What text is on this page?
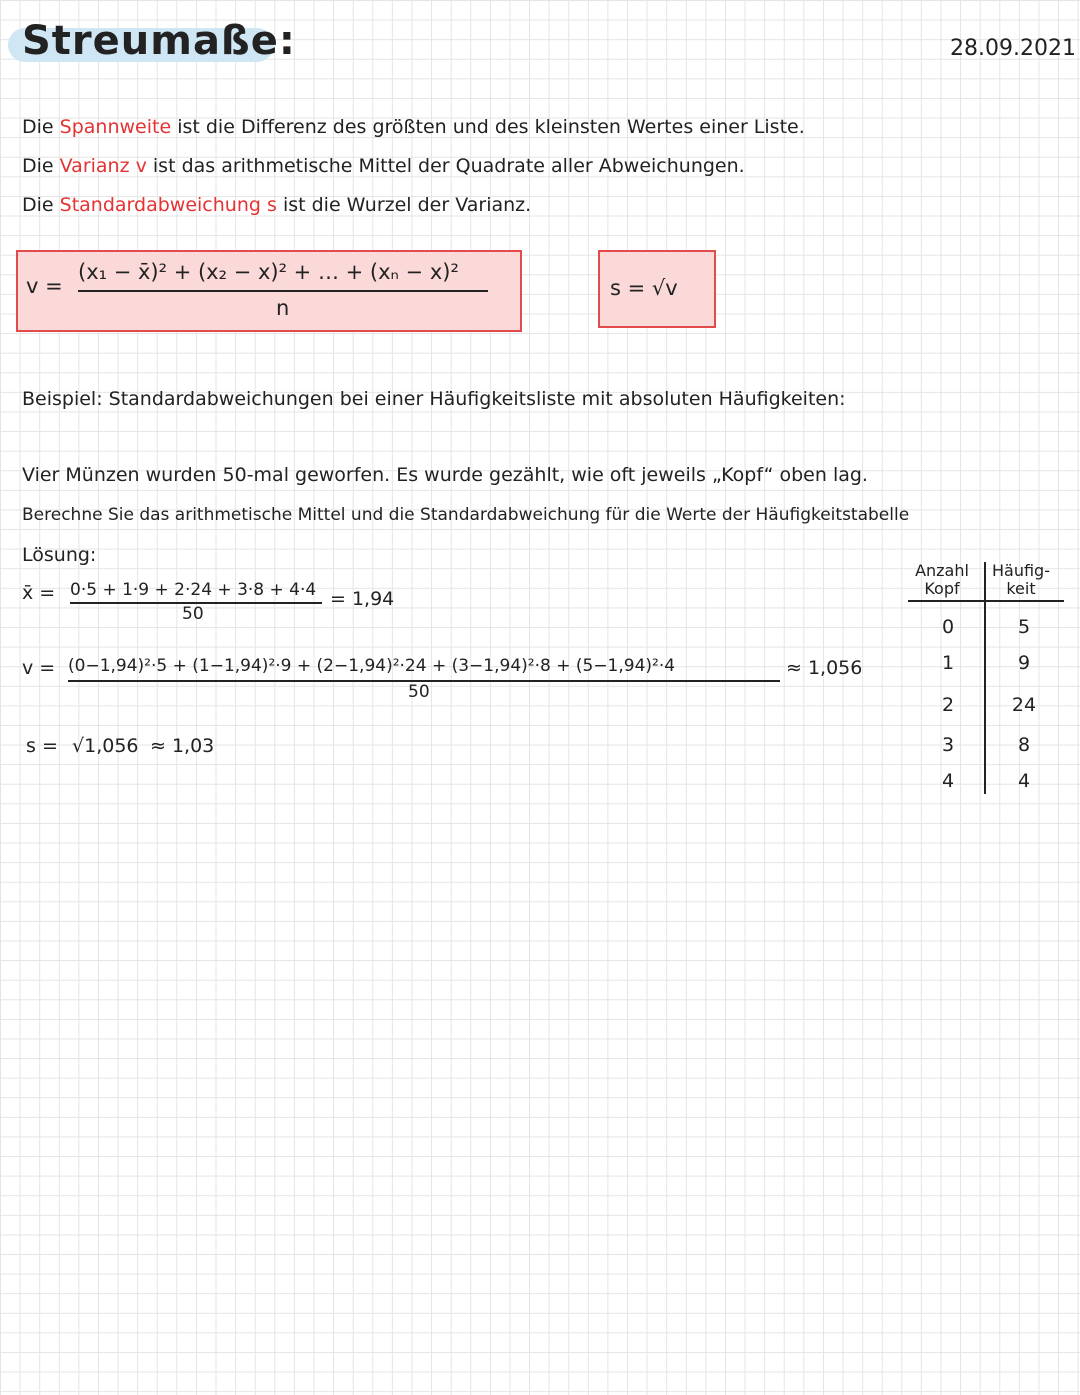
Streumaße:	28.09.2021
Die Spannweite ist die Differenz des größten und des kleinsten Wertes einer Liste.
Die Varianz v ist das arithmetische Mittel der Quadrate aller Abweichungen.
Die Standardabweichung s ist die Wurzel der Varianz.
v =
(x₁ − x̄)² + (x₂ − x)² + … + (xₙ − x)²
n
s = √v
Beispiel: Standardabweichungen bei einer Häufigkeitsliste mit absoluten Häufigkeiten:
Vier Münzen wurden 50-mal geworfen. Es wurde gezählt, wie oft jeweils „Kopf“ oben lag.
Berechne Sie das arithmetische Mittel und die Standardabweichung für die Werte der Häufigkeitstabelle
Lösung:
x̄ = 0·5 + 1·9 + 2·24 + 3·8 + 4·4
50
= 1,94
v = (0−1,94)²·5 + (1−1,94)²·9 + (2−1,94)²·24 + (3−1,94)²·8 + (5−1,94)²·4
50
≈ 1,056
s = √1,056 ≈ 1,03
Anzahl Kopf
Häufig-keit
0	5
1	9
2	24
3	8
4	4
